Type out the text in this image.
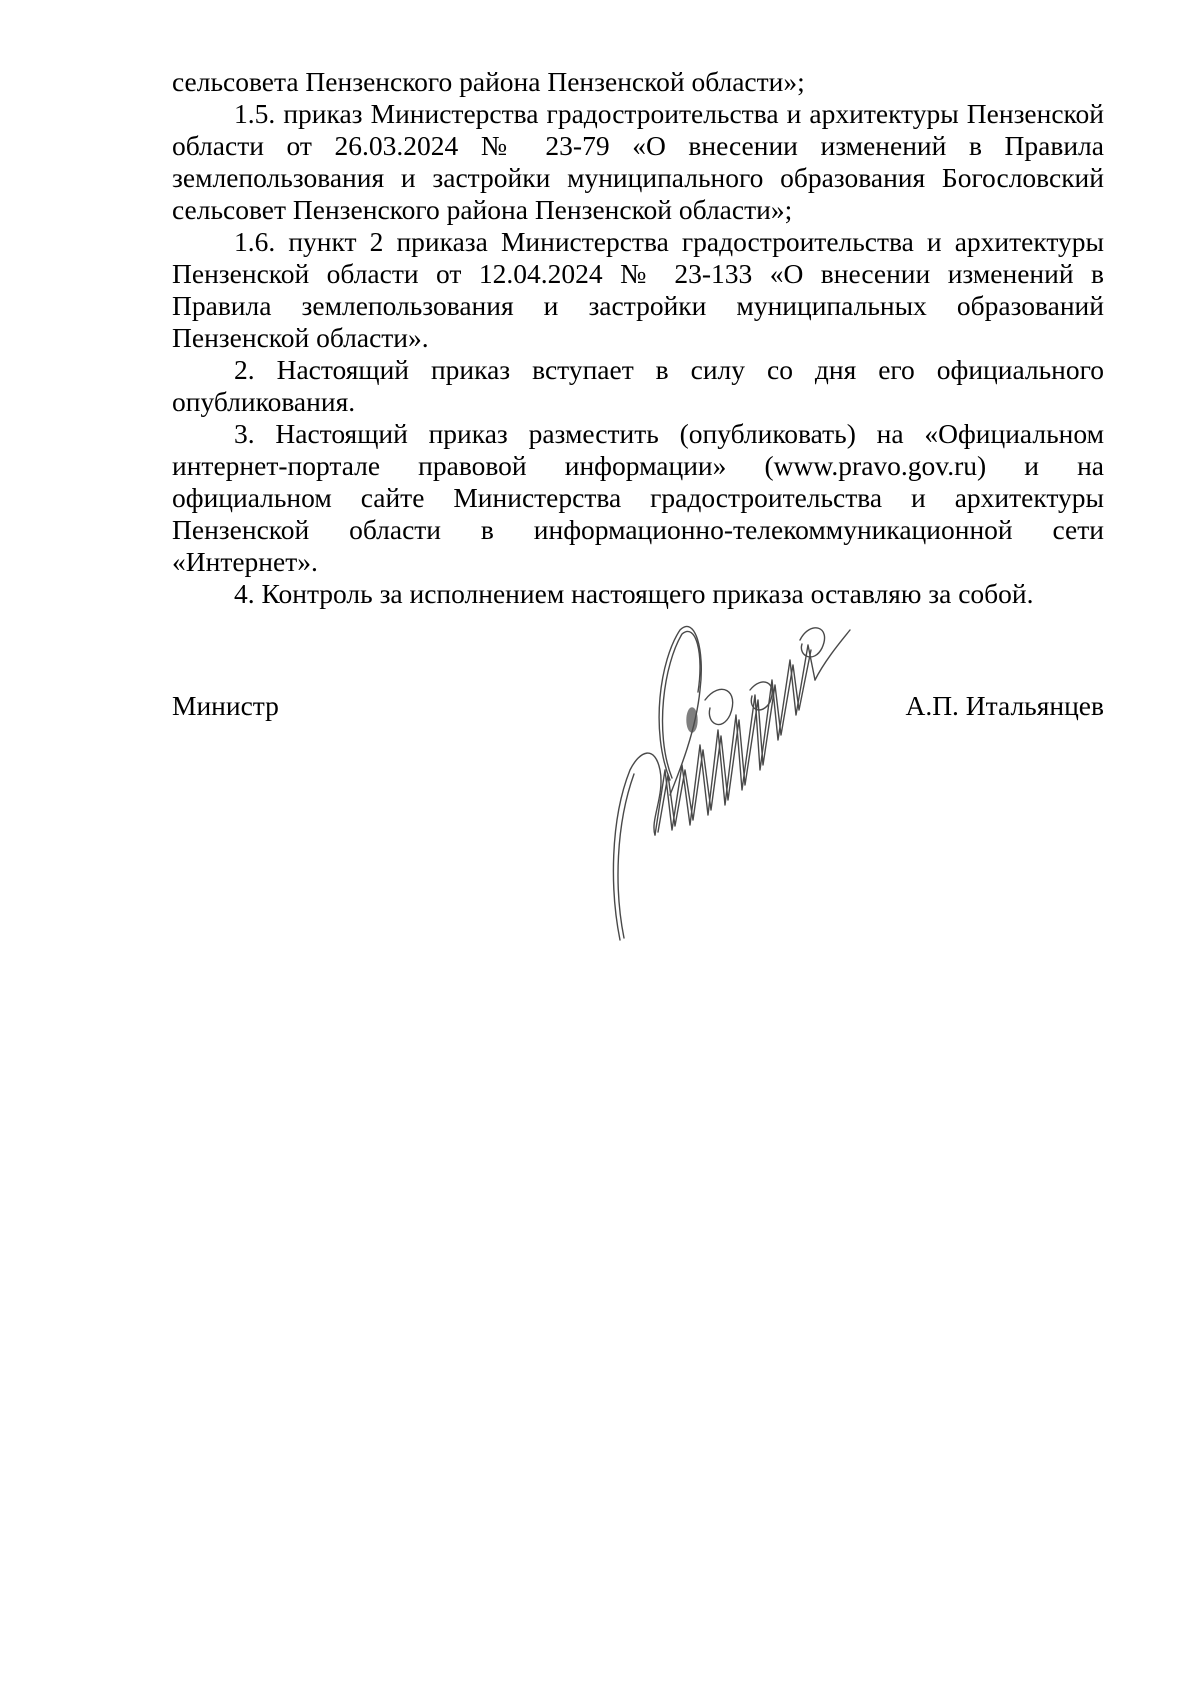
сельсовета Пензенского района Пензенской области»;

1.5. приказ Министерства градостроительства и архитектуры Пензенской области от 26.03.2024 № 23-79 «О внесении изменений в Правила землепользования и застройки муниципального образования Богословский сельсовет Пензенского района Пензенской области»;

1.6. пункт 2 приказа Министерства градостроительства и архитектуры Пензенской области от 12.04.2024 № 23-133 «О внесении изменений в Правила землепользования и застройки муниципальных образований Пензенской области».

2. Настоящий приказ вступает в силу со дня его официального опубликования.

3. Настоящий приказ разместить (опубликовать) на «Официальном интернет-портале правовой информации» (www.pravo.gov.ru) и на официальном сайте Министерства градостроительства и архитектуры Пензенской области в информационно-телекоммуникационной сети «Интернет».

4. Контроль за исполнением настоящего приказа оставляю за собой.

Министр	А.П. Итальянцев
